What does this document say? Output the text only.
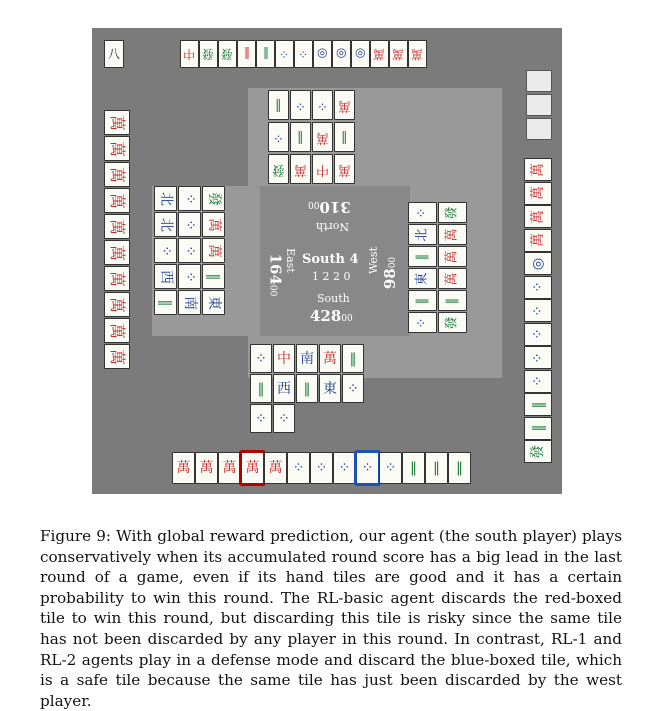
31000
North
16400
East
9800
West
South 4
1 2 2 0
South
42800
中 發 發 ‖ ‖ ⁘ ⁘ ◎ ◎ ◎ 萬 萬 萬
八
萬 萬 萬 萬 萬 ⁘ ⁘ ⁘ ⁘ ⁘ ‖ ‖ ‖
萬
萬
萬
萬
萬
萬
萬
萬
萬
萬
萬
萬
萬
萬
◎
⁘
⁘
⁘
⁘
⁘
‖
‖
發
‖ ⁘ ⁘ 萬
⁘ ‖ 萬 ‖
發 萬 中 萬
⁘ 中 南 萬 ‖
‖ 西 ‖ 東 ⁘
⁘ ⁘
北 ⁘ 發
北 ⁘ 萬
⁘ ⁘ 萬
西 ⁘ ‖
‖ 南 東
⁘ 發
北 萬
‖ 萬
東 萬
‖ ‖
⁘ 發
Figure 9: With global reward prediction, our agent (the south player) plays conservatively when its accumulated round score has a big lead in the last round of a game, even if its hand tiles are good and it has a certain probability to win this round. The RL-basic agent discards the red-boxed tile to win this round, but discarding this tile is risky since the same tile has not been discarded by any player in this round. In contrast, RL-1 and RL-2 agents play in a defense mode and discard the blue-boxed tile, which is a safe tile because the same tile has just been discarded by the west player.
